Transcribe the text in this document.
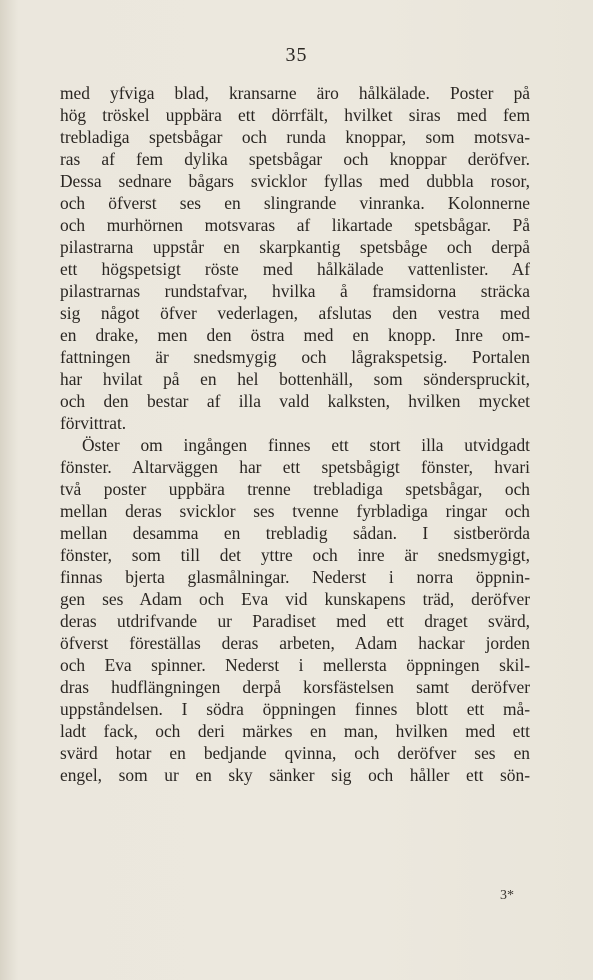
35
med yfviga blad, kransarne äro hålkälade. Poster på
hög tröskel uppbära ett dörrfält, hvilket siras med fem
trebladiga spetsbågar och runda knoppar, som motsva-
ras af fem dylika spetsbågar och knoppar deröfver.
Dessa sednare bågars svicklor fyllas med dubbla rosor,
och öfverst ses en slingrande vinranka. Kolonnerne
och murhörnen motsvaras af likartade spetsbågar. På
pilastrarna uppstår en skarpkantig spetsbåge och derpå
ett högspetsigt röste med hålkälade vattenlister. Af
pilastrarnas rundstafvar, hvilka å framsidorna sträcka
sig något öfver vederlagen, afslutas den vestra med
en drake, men den östra med en knopp. Inre om-
fattningen är snedsmygig och lågrakspetsig. Portalen
har hvilat på en hel bottenhäll, som sönderspruckit,
och den bestar af illa vald kalksten, hvilken mycket
förvittrat.
Öster om ingången finnes ett stort illa utvidgadt
fönster. Altarväggen har ett spetsbågigt fönster, hvari
två poster uppbära trenne trebladiga spetsbågar, och
mellan deras svicklor ses tvenne fyrbladiga ringar och
mellan desamma en trebladig sådan. I sistberörda
fönster, som till det yttre och inre är snedsmygigt,
finnas bjerta glasmålningar. Nederst i norra öppnin-
gen ses Adam och Eva vid kunskapens träd, deröfver
deras utdrifvande ur Paradiset med ett draget svärd,
öfverst föreställas deras arbeten, Adam hackar jorden
och Eva spinner. Nederst i mellersta öppningen skil-
dras hudflängningen derpå korsfästelsen samt deröfver
uppståndelsen. I södra öppningen finnes blott ett må-
ladt fack, och deri märkes en man, hvilken med ett
svärd hotar en bedjande qvinna, och deröfver ses en
engel, som ur en sky sänker sig och håller ett sön-
3*
